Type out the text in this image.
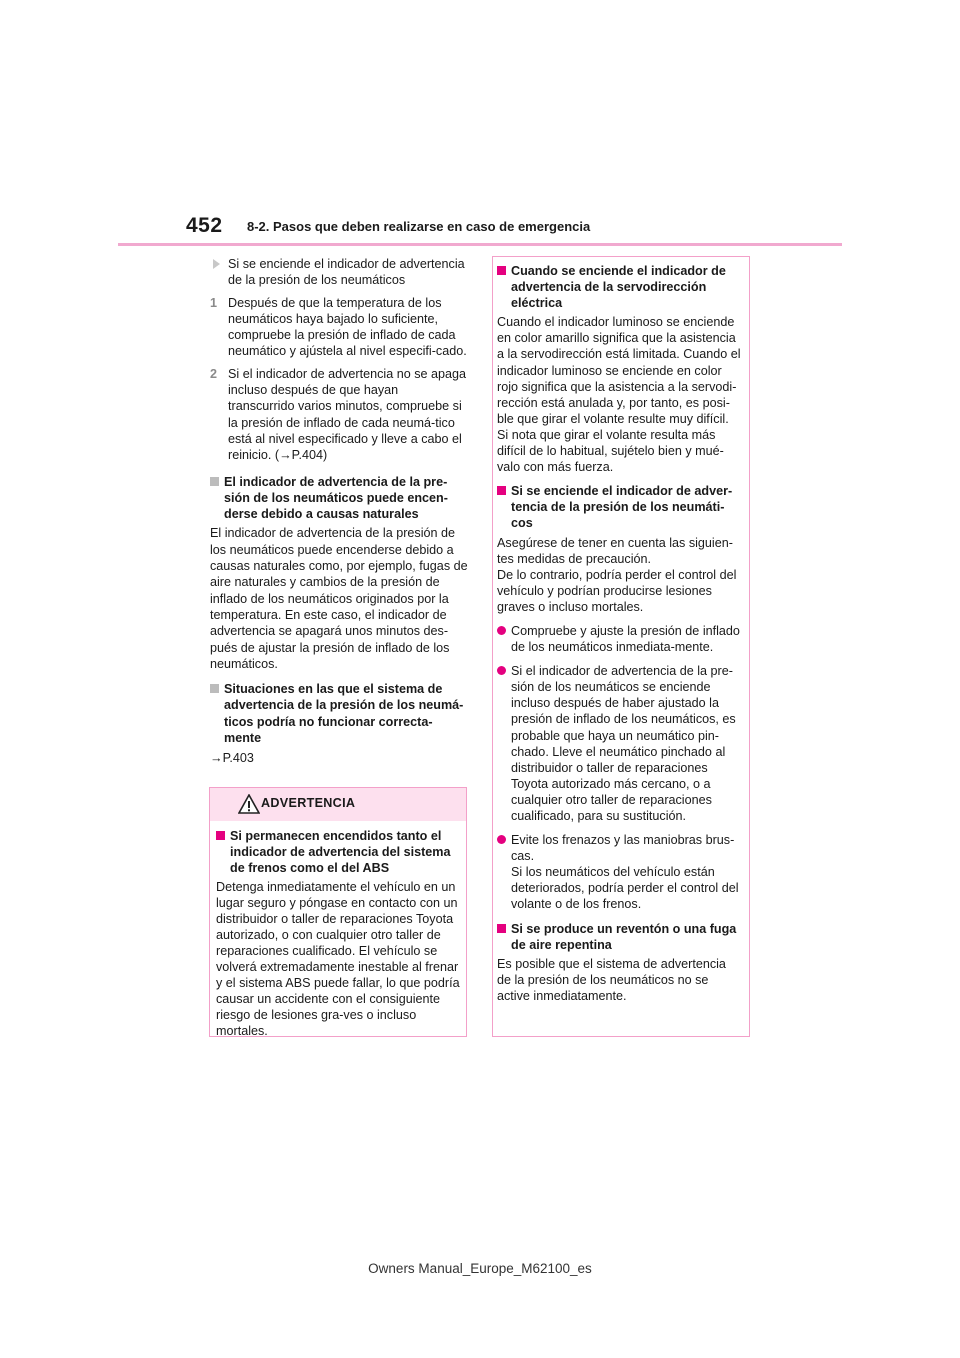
452 8-2. Pasos que deben realizarse en caso de emergencia
Si se enciende el indicador de advertencia de la presión de los neumáticos
1 Después de que la temperatura de los neumáticos haya bajado lo suficiente, compruebe la presión de inflado de cada neumático y ajústela al nivel especifi-cado.
2 Si el indicador de advertencia no se apaga incluso después de que hayan transcurrido varios minutos, compruebe si la presión de inflado de cada neumá-tico está al nivel especificado y lleve a cabo el reinicio. (→P.404)
El indicador de advertencia de la pre-sión de los neumáticos puede encen-derse debido a causas naturales

El indicador de advertencia de la presión de los neumáticos puede encenderse debido a causas naturales como, por ejemplo, fugas de aire naturales y cambios de la presión de inflado de los neumáticos originados por la temperatura. En este caso, el indicador de advertencia se apagará unos minutos des-pués de ajustar la presión de inflado de los neumáticos.

Situaciones en las que el sistema de advertencia de la presión de los neumá-ticos podría no funcionar correcta-mente
→P.403
ADVERTENCIA
Si permanecen encendidos tanto el indicador de advertencia del sistema de frenos como el del ABS
Detenga inmediatamente el vehículo en un lugar seguro y póngase en contacto con un distribuidor o taller de reparaciones Toyota autorizado, o con cualquier otro taller de reparaciones cualificado. El vehículo se volverá extremadamente inestable al frenar y el sistema ABS puede fallar, lo que podría causar un accidente con el consiguiente riesgo de lesiones gra-ves o incluso mortales.
Cuando se enciende el indicador de advertencia de la servodirección eléctrica

Cuando el indicador luminoso se enciende en color amarillo significa que la asistencia a la servodirección está limitada. Cuando el indicador luminoso se enciende en color rojo significa que la asistencia a la servodi-rección está anulada y, por tanto, es posi-ble que girar el volante resulte muy difícil. Si nota que girar el volante resulta más difícil de lo habitual, sujételo bien y mué-valo con más fuerza.

Si se enciende el indicador de adver-tencia de la presión de los neumáti-cos

Asegúrese de tener en cuenta las siguien-tes medidas de precaución.
De lo contrario, podría perder el control del vehículo y podrían producirse lesiones graves o incluso mortales.

Compruebe y ajuste la presión de inflado de los neumáticos inmediata-mente.
Si el indicador de advertencia de la pre-sión de los neumáticos se enciende incluso después de haber ajustado la presión de inflado de los neumáticos, es probable que haya un neumático pin-chado. Lleve el neumático pinchado al distribuidor o taller de reparaciones Toyota autorizado más cercano, o a cualquier otro taller de reparaciones cualificado, para su sustitución.
Evite los frenazos y las maniobras brus-cas.
Si los neumáticos del vehículo están deteriorados, podría perder el control del volante o de los frenos.
Si se produce un reventón o una fuga de aire repentina

Es posible que el sistema de advertencia de la presión de los neumáticos no se active inmediatamente.

Owners Manual_Europe_M62100_es
